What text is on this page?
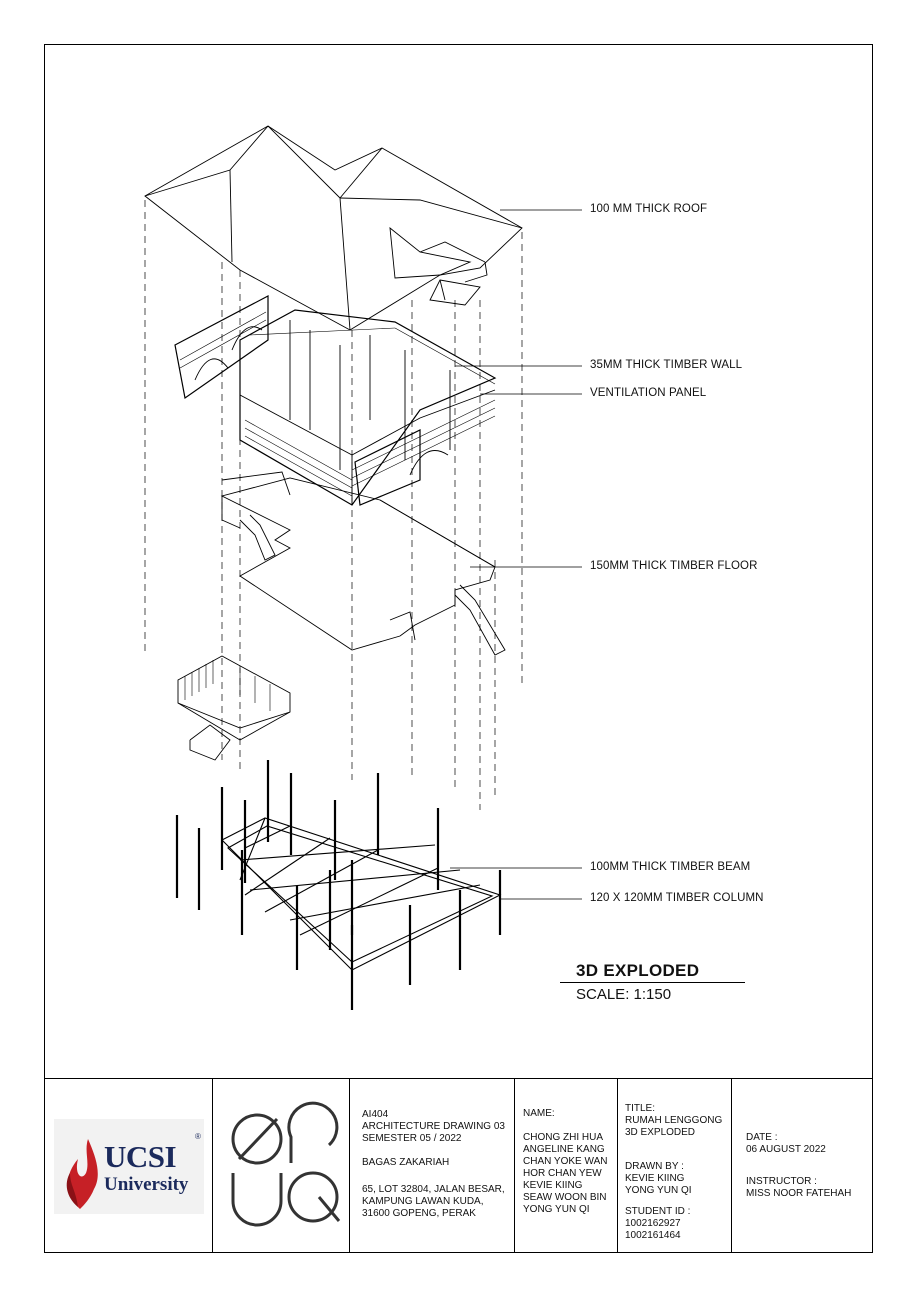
100 MM THICK ROOF
35MM THICK TIMBER WALL
VENTILATION PANEL
150MM THICK TIMBER FLOOR
100MM THICK TIMBER BEAM
120 X 120MM TIMBER COLUMN
3D EXPLODED
SCALE: 1:150
UCSI
®
University
AI404
ARCHITECTURE DRAWING 03
SEMESTER 05 / 2022
BAGAS ZAKARIAH
65, LOT 32804, JALAN BESAR,
KAMPUNG LAWAN KUDA,
31600 GOPENG, PERAK
NAME:
CHONG ZHI HUA
ANGELINE KANG
CHAN YOKE WAN
HOR CHAN YEW
KEVIE KIING
SEAW WOON BIN
YONG YUN QI
TITLE:
RUMAH LENGGONG
3D EXPLODED
DRAWN BY :
KEVIE KIING
YONG YUN QI
STUDENT ID :
1002162927
1002161464
DATE :
06 AUGUST 2022
INSTRUCTOR :
MISS NOOR FATEHAH
